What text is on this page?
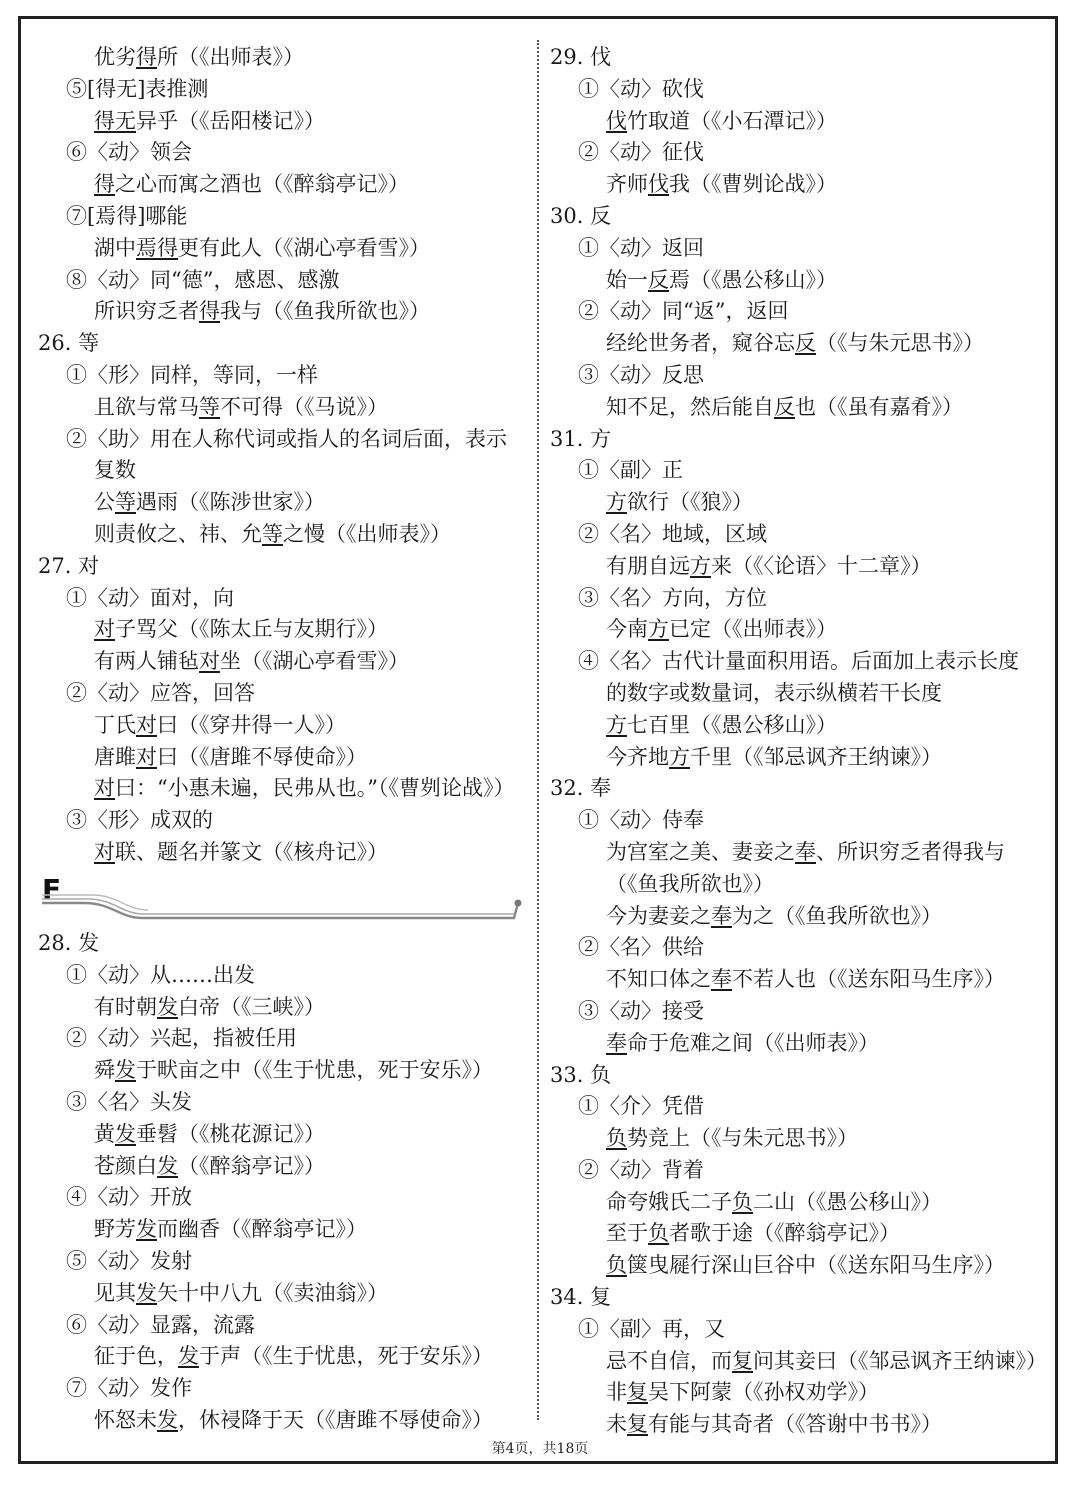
优劣得所（《出师表》）
⑤[得无]表推测
得无异乎（《岳阳楼记》）
⑥〈动〉领会
得之心而寓之酒也（《醉翁亭记》）
⑦[焉得]哪能
湖中焉得更有此人（《湖心亭看雪》）
⑧〈动〉同“德”，感恩、感激
所识穷乏者得我与（《鱼我所欲也》）
26. 等
①〈形〉同样，等同，一样
且欲与常马等不可得（《马说》）
②〈助〉用在人称代词或指人的名词后面，表示
复数
公等遇雨（《陈涉世家》）
则责攸之、祎、允等之慢（《出师表》）
27. 对
①〈动〉面对，向
对子骂父（《陈太丘与友期行》）
有两人铺毡对坐（《湖心亭看雪》）
②〈动〉应答，回答
丁氏对曰（《穿井得一人》）
唐雎对曰（《唐雎不辱使命》）
对曰：“小惠未遍，民弗从也。”（《曹刿论战》）
③〈形〉成双的
对联、题名并篆文（《核舟记》）
28. 发
①〈动〉从……出发
有时朝发白帝（《三峡》）
②〈动〉兴起，指被任用
舜发于畎亩之中（《生于忧患，死于安乐》）
③〈名〉头发
黄发垂髫（《桃花源记》）
苍颜白发（《醉翁亭记》）
④〈动〉开放
野芳发而幽香（《醉翁亭记》）
⑤〈动〉发射
见其发矢十中八九（《卖油翁》）
⑥〈动〉显露，流露
征于色，发于声（《生于忧患，死于安乐》）
⑦〈动〉发作
怀怒未发，休祲降于天（《唐雎不辱使命》）
29. 伐
①〈动〉砍伐
伐竹取道（《小石潭记》）
②〈动〉征伐
齐师伐我（《曹刿论战》）
30. 反
①〈动〉返回
始一反焉（《愚公移山》）
②〈动〉同“返”，返回
经纶世务者，窥谷忘反（《与朱元思书》）
③〈动〉反思
知不足，然后能自反也（《虽有嘉肴》）
31. 方
①〈副〉正
方欲行（《狼》）
②〈名〉地域，区域
有朋自远方来（《〈论语〉十二章》）
③〈名〉方向，方位
今南方已定（《出师表》）
④〈名〉古代计量面积用语。后面加上表示长度
的数字或数量词，表示纵横若干长度
方七百里（《愚公移山》）
今齐地方千里（《邹忌讽齐王纳谏》）
32. 奉
①〈动〉侍奉
为宫室之美、妻妾之奉、所识穷乏者得我与
（《鱼我所欲也》）
今为妻妾之奉为之（《鱼我所欲也》）
②〈名〉供给
不知口体之奉不若人也（《送东阳马生序》）
③〈动〉接受
奉命于危难之间（《出师表》）
33. 负
①〈介〉凭借
负势竞上（《与朱元思书》）
②〈动〉背着
命夸娥氏二子负二山（《愚公移山》）
至于负者歌于途（《醉翁亭记》）
负箧曳屣行深山巨谷中（《送东阳马生序》）
34. 复
①〈副〉再，又
忌不自信，而复问其妾曰（《邹忌讽齐王纳谏》）
非复吴下阿蒙（《孙权劝学》）
未复有能与其奇者（《答谢中书书》）
F
第4页，共18页
